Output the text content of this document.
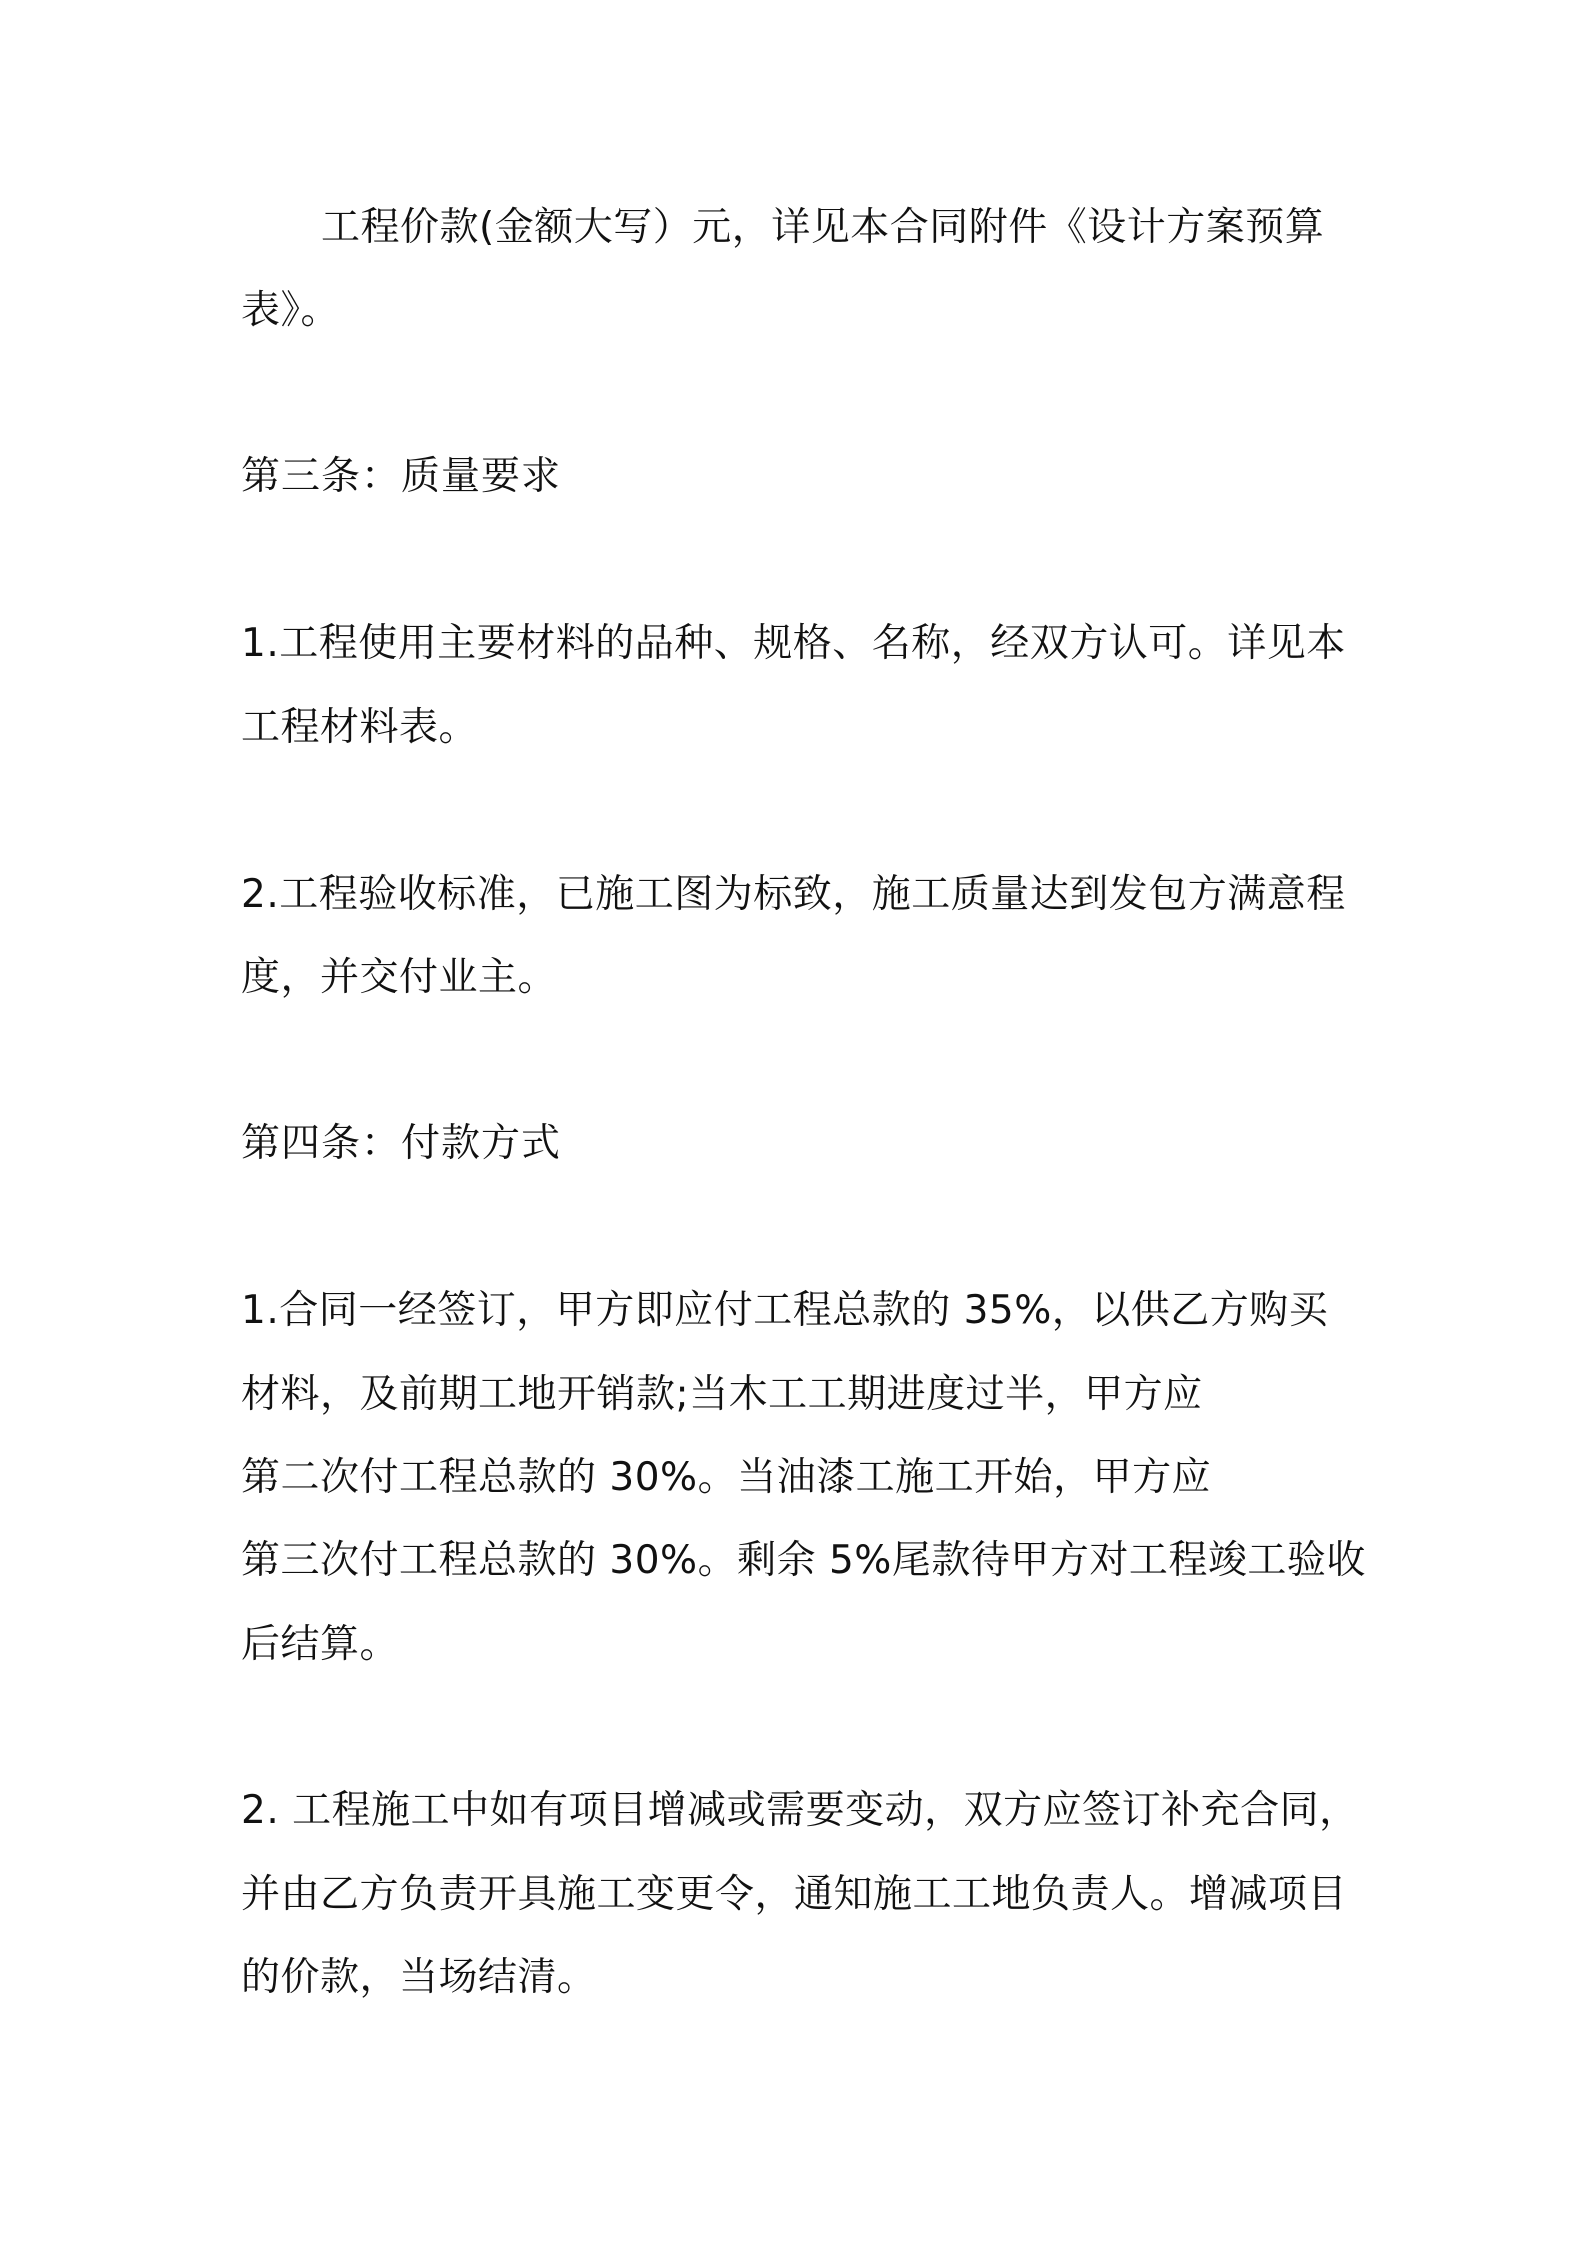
工程价款(金额大写）元，详见本合同附件《设计方案预算
表》。
第三条：质量要求
1.工程使用主要材料的品种、规格、名称，经双方认可。详见本
工程材料表。
2.工程验收标准，已施工图为标致，施工质量达到发包方满意程
度，并交付业主。
第四条：付款方式
1.合同一经签订，甲方即应付工程总款的 35%，以供乙方购买
材料，及前期工地开销款;当木工工期进度过半，甲方应
第二次付工程总款的 30%。当油漆工施工开始，甲方应
第三次付工程总款的 30%。剩余 5%尾款待甲方对工程竣工验收
后结算。
2. 工程施工中如有项目增减或需要变动，双方应签订补充合同，
并由乙方负责开具施工变更令，通知施工工地负责人。增减项目
的价款，当场结清。
